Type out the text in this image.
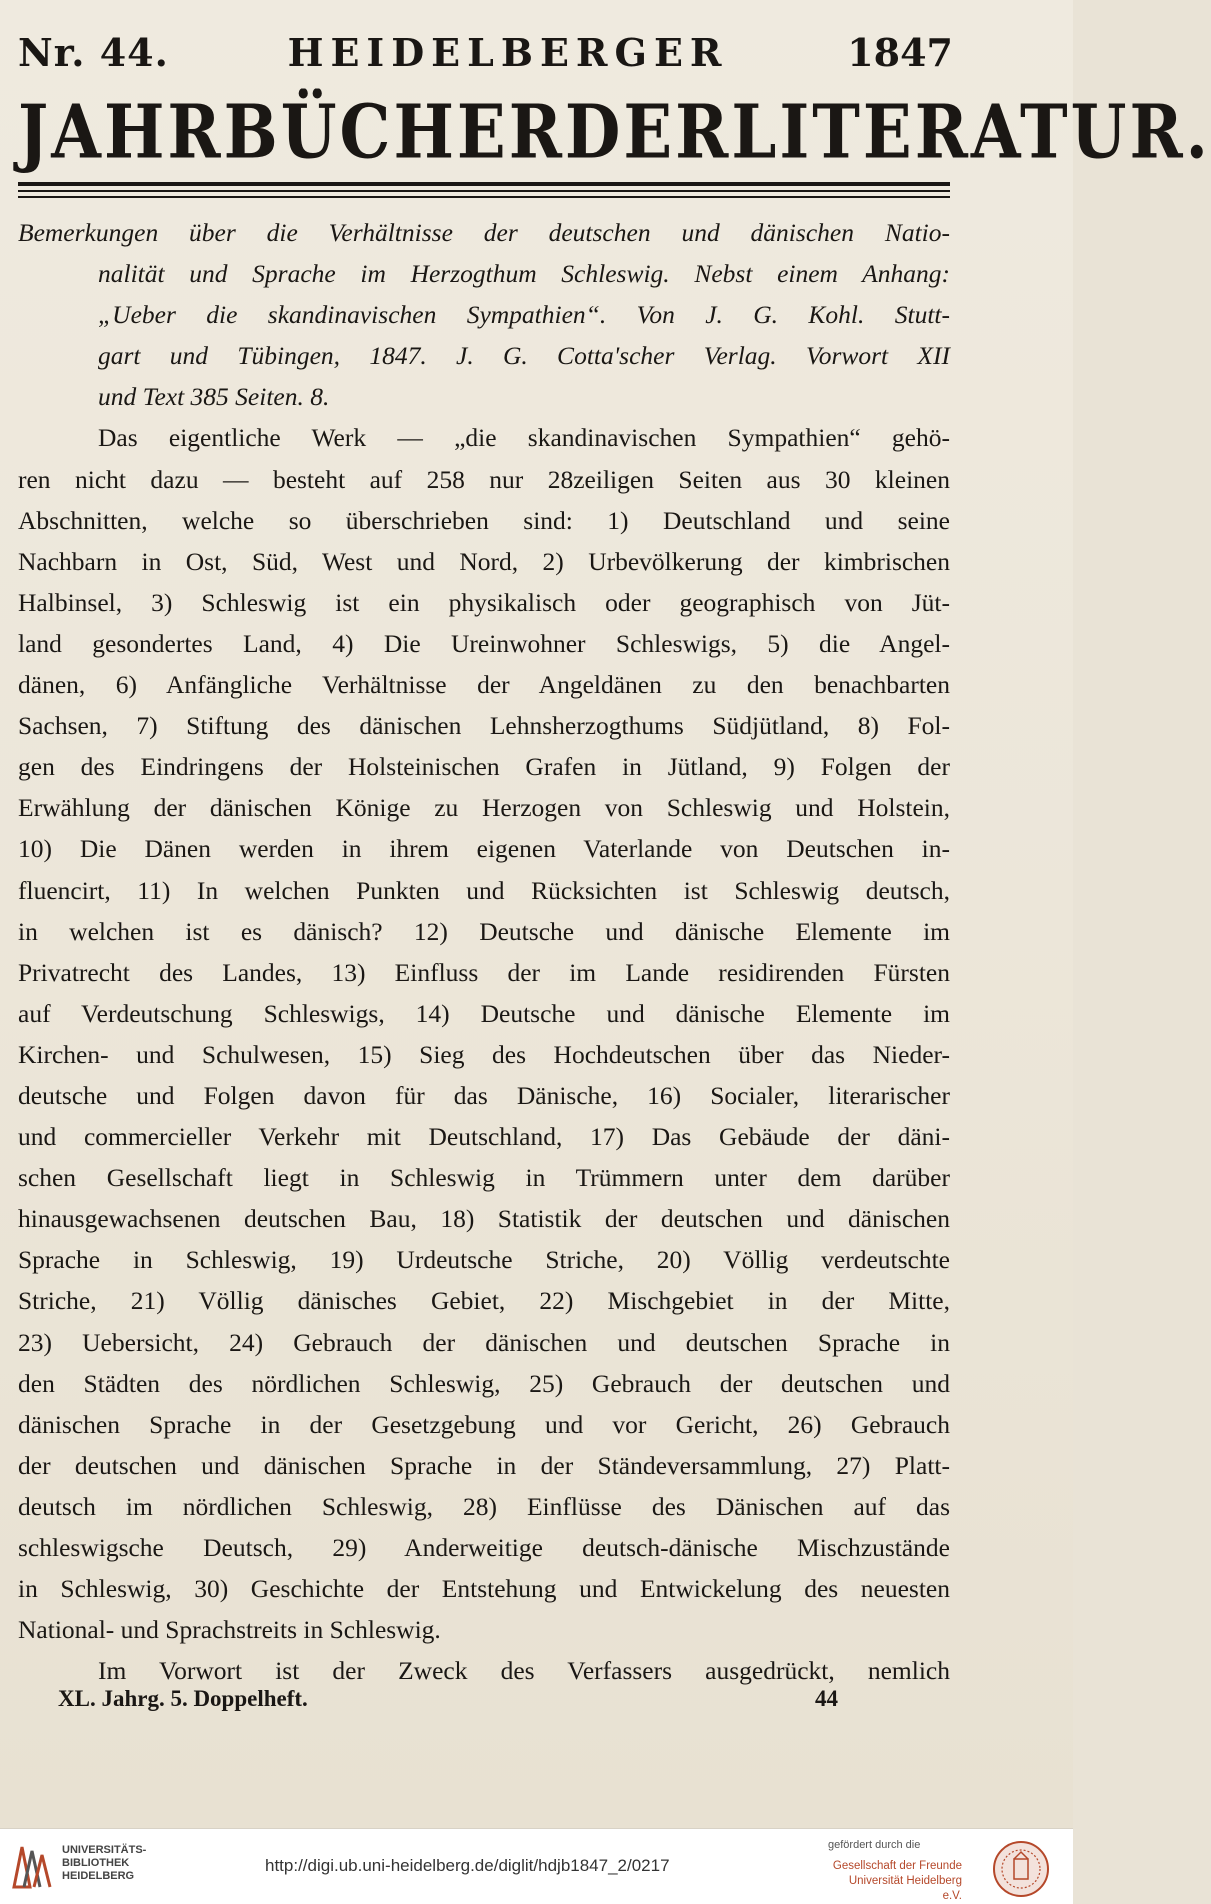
Nr. 44.	HEIDELBERGER	1847
JAHRBÜCHER DER LITERATUR.
Bemerkungen über die Verhältnisse der deutschen und dänischen Natio-
nalität und Sprache im Herzogthum Schleswig. Nebst einem Anhang:
„Ueber die skandinavischen Sympathien“. Von J. G. Kohl. Stutt-
gart und Tübingen, 1847. J. G. Cotta'scher Verlag. Vorwort XII
und Text 385 Seiten. 8.
Das eigentliche Werk — „die skandinavischen Sympathien“ gehö-
ren nicht dazu — besteht auf 258 nur 28zeiligen Seiten aus 30 kleinen
Abschnitten, welche so überschrieben sind: 1) Deutschland und seine
Nachbarn in Ost, Süd, West und Nord, 2) Urbevölkerung der kimbrischen
Halbinsel, 3) Schleswig ist ein physikalisch oder geographisch von Jüt-
land gesondertes Land, 4) Die Ureinwohner Schleswigs, 5) die Angel-
dänen, 6) Anfängliche Verhältnisse der Angeldänen zu den benachbarten
Sachsen, 7) Stiftung des dänischen Lehnsherzogthums Südjütland, 8) Fol-
gen des Eindringens der Holsteinischen Grafen in Jütland, 9) Folgen der
Erwählung der dänischen Könige zu Herzogen von Schleswig und Holstein,
10) Die Dänen werden in ihrem eigenen Vaterlande von Deutschen in-
fluencirt, 11) In welchen Punkten und Rücksichten ist Schleswig deutsch,
in welchen ist es dänisch? 12) Deutsche und dänische Elemente im
Privatrecht des Landes, 13) Einfluss der im Lande residirenden Fürsten
auf Verdeutschung Schleswigs, 14) Deutsche und dänische Elemente im
Kirchen- und Schulwesen, 15) Sieg des Hochdeutschen über das Nieder-
deutsche und Folgen davon für das Dänische, 16) Socialer, literarischer
und commercieller Verkehr mit Deutschland, 17) Das Gebäude der däni-
schen Gesellschaft liegt in Schleswig in Trümmern unter dem darüber
hinausgewachsenen deutschen Bau, 18) Statistik der deutschen und dänischen
Sprache in Schleswig, 19) Urdeutsche Striche, 20) Völlig verdeutschte
Striche, 21) Völlig dänisches Gebiet, 22) Mischgebiet in der Mitte,
23) Uebersicht, 24) Gebrauch der dänischen und deutschen Sprache in
den Städten des nördlichen Schleswig, 25) Gebrauch der deutschen und
dänischen Sprache in der Gesetzgebung und vor Gericht, 26) Gebrauch
der deutschen und dänischen Sprache in der Ständeversammlung, 27) Platt-
deutsch im nördlichen Schleswig, 28) Einflüsse des Dänischen auf das
schleswigsche Deutsch, 29) Anderweitige deutsch-dänische Mischzustände
in Schleswig, 30) Geschichte der Entstehung und Entwickelung des neuesten
National- und Sprachstreits in Schleswig.
Im Vorwort ist der Zweck des Verfassers ausgedrückt, nemlich
XL. Jahrg. 5. Doppelheft.	44
UNIVERSITÄTS-
BIBLIOTHEK
HEIDELBERG
http://digi.ub.uni-heidelberg.de/diglit/hdjb1847_2/0217
gefördert durch die
Gesellschaft der Freunde
Universität Heidelberg e.V.
